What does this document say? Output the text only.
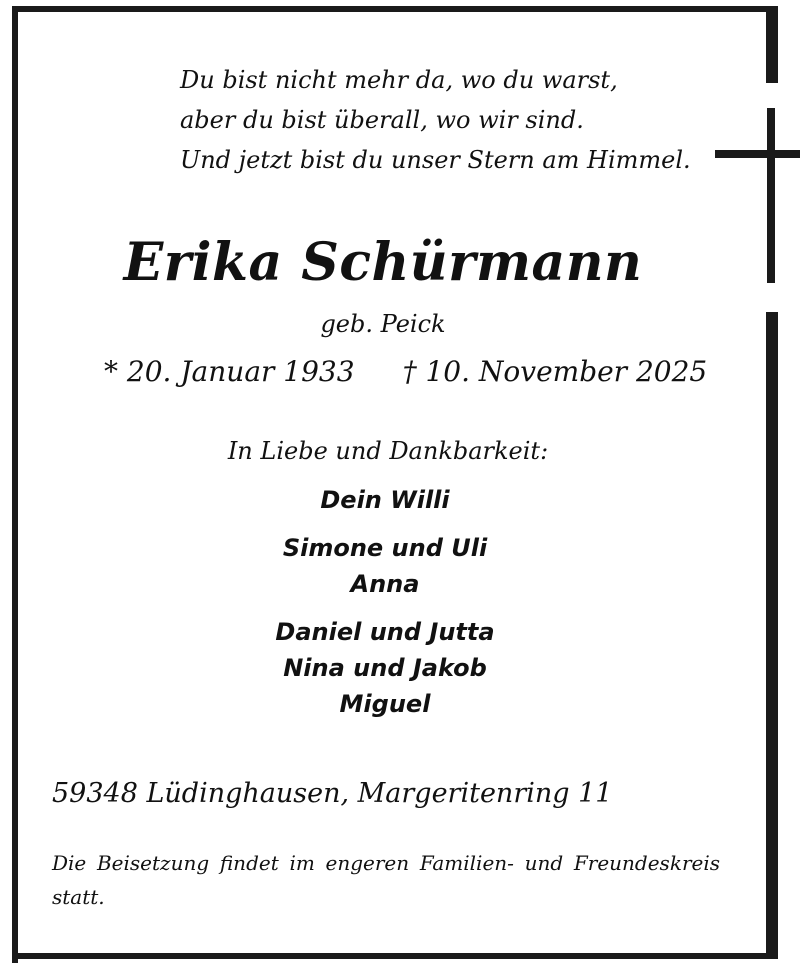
Du bist nicht mehr da, wo du warst,
aber du bist überall, wo wir sind.
Und jetzt bist du unser Stern am Himmel.
Erika Schürmann
geb. Peick
* 20. Januar 1933 † 10. November 2025
In Liebe und Dankbarkeit:
Dein Willi
Simone und Uli
Anna
Daniel und Jutta
Nina und Jakob
Miguel
59348 Lüdinghausen, Margeritenring 11
Die Beisetzung findet im engeren Familien- und Freundeskreis statt.
